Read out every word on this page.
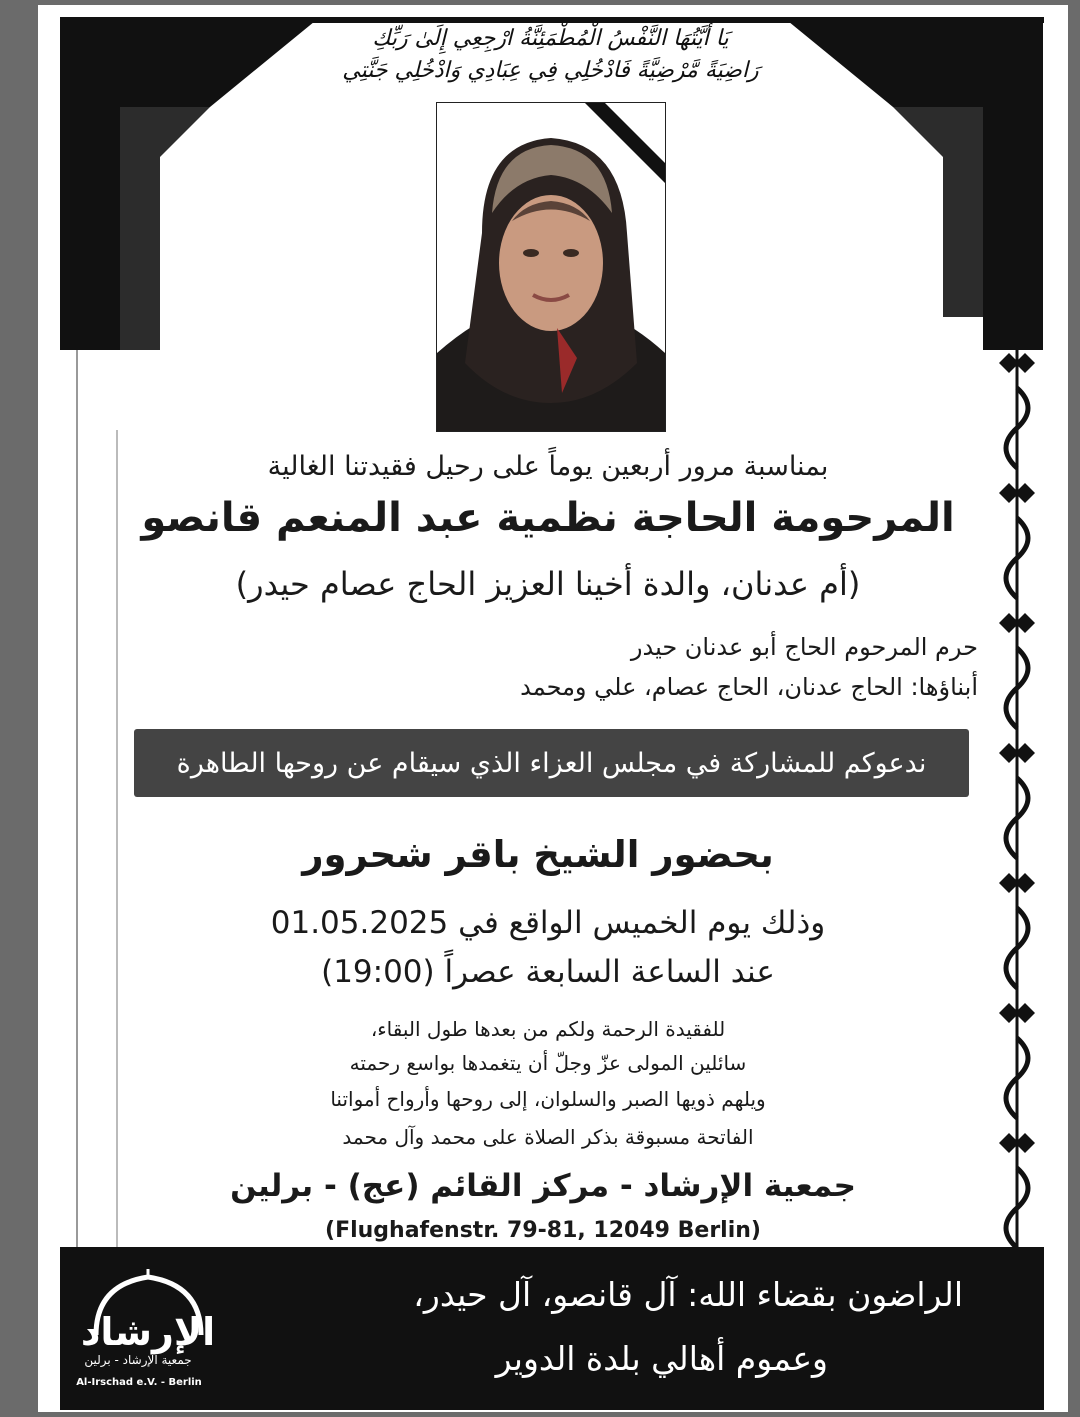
يَا أَيَّتُهَا النَّفْسُ الْمُطْمَئِنَّةُ ارْجِعِي إِلَىٰ رَبِّكِ
رَاضِيَةً مَّرْضِيَّةً فَادْخُلِي فِي عِبَادِي وَادْخُلِي جَنَّتِي
بمناسبة مرور أربعين يوماً على رحيل فقيدتنا الغالية
المرحومة الحاجة نظمية عبد المنعم قانصو
(أم عدنان، والدة أخينا العزيز الحاج عصام حيدر)
حرم المرحوم الحاج أبو عدنان حيدر
أبناؤها: الحاج عدنان، الحاج عصام، علي ومحمد
ندعوكم للمشاركة في مجلس العزاء الذي سيقام عن روحها الطاهرة
بحضور الشيخ باقر شحرور
وذلك يوم الخميس الواقع في 01.05.2025
عند الساعة السابعة عصراً (19:00)
للفقيدة الرحمة ولكم من بعدها طول البقاء،
سائلين المولى عزّ وجلّ أن يتغمدها بواسع رحمته
ويلهم ذويها الصبر والسلوان، إلى روحها وأرواح أمواتنا
الفاتحة مسبوقة بذكر الصلاة على محمد وآل محمد
جمعية الإرشاد - مركز القائم (عج) - برلين
(Flughafenstr. 79-81, 12049 Berlin)
الراضون بقضاء الله: آل قانصو، آل حيدر،
وعموم أهالي بلدة الدوير
الإرشاد
جمعية الإرشاد - برلين
Al-Irschad e.V. - Berlin
